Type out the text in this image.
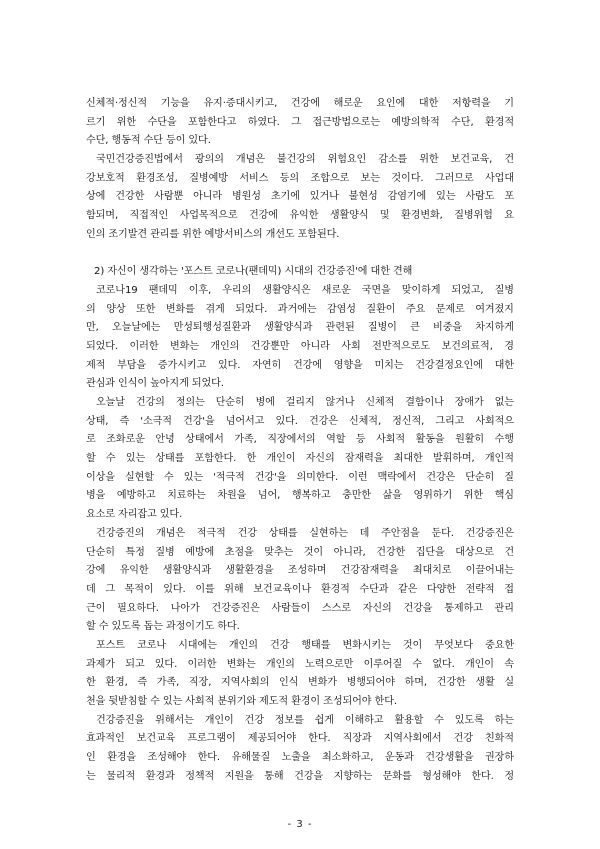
신체적·정신적 기능을 유지·증대시키고, 건강에 해로운 요인에 대한 저항력을 기
르기 위한 수단을 포함한다고 하였다. 그 접근방법으로는 예방의학적 수단, 환경적
수단, 행동적 수단 등이 있다.
국민건강증진법에서 광의의 개념은 불건강의 위험요인 감소를 위한 보건교육, 건
강보호적 환경조성, 질병예방 서비스 등의 조합으로 보는 것이다. 그러므로 사업대
상에 건강한 사람뿐 아니라 병원성 초기에 있거나 불현성 감염기에 있는 사람도 포
함되며, 직접적인 사업목적으로 건강에 유익한 생활양식 및 환경변화, 질병위험 요
인의 조기발견 관리를 위한 예방서비스의 개선도 포함된다.
2) 자신이 생각하는 '포스트 코로나(팬데믹) 시대의 건강증진'에 대한 견해
코로나19 팬데믹 이후, 우리의 생활양식은 새로운 국면을 맞이하게 되었고, 질병
의 양상 또한 변화를 겪게 되었다. 과거에는 감염성 질환이 주요 문제로 여겨졌지
만, 오늘날에는 만성퇴행성질환과 생활양식과 관련된 질병이 큰 비중을 차지하게
되었다. 이러한 변화는 개인의 건강뿐만 아니라 사회 전반적으로도 보건의료적, 경
제적 부담을 증가시키고 있다. 자연히 건강에 영향을 미치는 건강결정요인에 대한
관심과 인식이 높아지게 되었다.
오늘날 건강의 정의는 단순히 병에 걸리지 않거나 신체적 결함이나 장애가 없는
상태, 즉 '소극적 건강'을 넘어서고 있다. 건강은 신체적, 정신적, 그리고 사회적으
로 조화로운 안녕 상태에서 가족, 직장에서의 역할 등 사회적 활동을 원활히 수행
할 수 있는 상태를 포함한다. 한 개인이 자신의 잠재력을 최대한 발휘하며, 개인적
이상을 실현할 수 있는 '적극적 건강'을 의미한다. 이런 맥락에서 건강은 단순히 질
병을 예방하고 치료하는 차원을 넘어, 행복하고 충만한 삶을 영위하기 위한 핵심
요소로 자리잡고 있다.
건강증진의 개념은 적극적 건강 상태를 실현하는 데 주안점을 둔다. 건강증진은
단순히 특정 질병 예방에 초점을 맞추는 것이 아니라, 건강한 집단을 대상으로 건
강에 유익한 생활양식과 생활환경을 조성하며 건강잠재력을 최대치로 이끌어내는
데 그 목적이 있다. 이를 위해 보건교육이나 환경적 수단과 같은 다양한 전략적 접
근이 필요하다. 나아가 건강증진은 사람들이 스스로 자신의 건강을 통제하고 관리
할 수 있도록 돕는 과정이기도 하다.
포스트 코로나 시대에는 개인의 건강 행태를 변화시키는 것이 무엇보다 중요한
과제가 되고 있다. 이러한 변화는 개인의 노력으로만 이루어질 수 없다. 개인이 속
한 환경, 즉 가족, 직장, 지역사회의 인식 변화가 병행되어야 하며, 건강한 생활 실
천을 뒷받침할 수 있는 사회적 분위기와 제도적 환경이 조성되어야 한다.
건강증진을 위해서는 개인이 건강 정보를 쉽게 이해하고 활용할 수 있도록 하는
효과적인 보건교육 프로그램이 제공되어야 한다. 직장과 지역사회에서 건강 친화적
인 환경을 조성해야 한다. 유해물질 노출을 최소화하고, 운동과 건강생활을 권장하
는 물리적 환경과 정책적 지원을 통해 건강을 지향하는 문화를 형성해야 한다. 정
- 3 -
